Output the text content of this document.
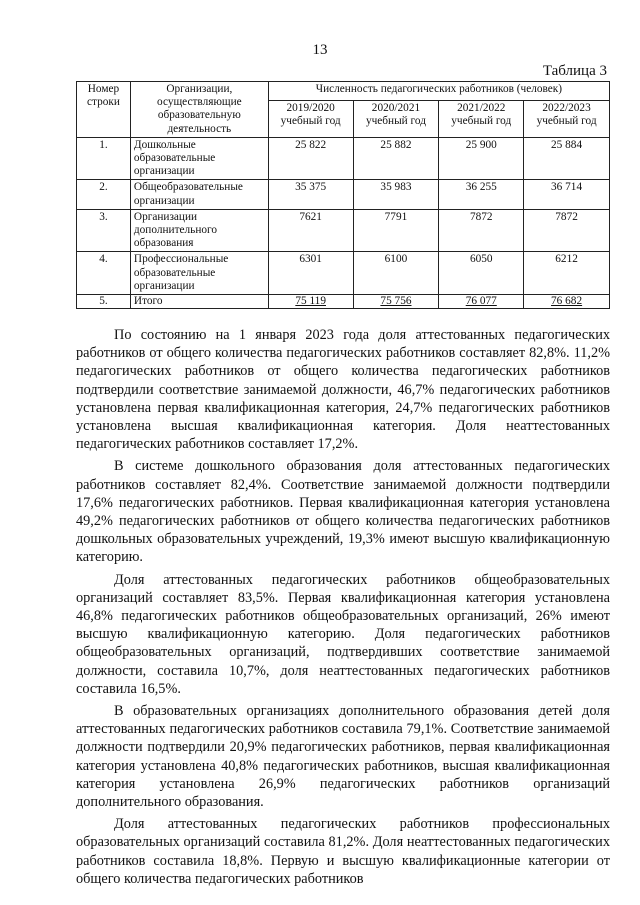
13
Таблица 3
Номер строки	Организации, осуществляющие образовательную деятельность	Численность педагогических работников (человек)			
		2019/2020 учебный год	2020/2021 учебный год	2021/2022 учебный год	2022/2023 учебный год
1.	Дошкольные образовательные организации	25 822	25 882	25 900	25 884
2.	Общеобразовательные организации	35 375	35 983	36 255	36 714
3.	Организации дополнительного образования	7621	7791	7872	7872
4.	Профессиональные образовательные организации	6301	6100	6050	6212
5.	Итого	75 119	75 756	76 077	76 682

По состоянию на 1 января 2023 года доля аттестованных педагогических работников от общего количества педагогических работников составляет 82,8%. 11,2% педагогических работников от общего количества педагогических работников подтвердили соответствие занимаемой должности, 46,7% педагогических работников установлена первая квалификационная категория, 24,7% педагогических работников установлена высшая квалификационная категория. Доля неаттестованных педагогических работников составляет 17,2%.

В системе дошкольного образования доля аттестованных педагогических работников составляет 82,4%. Соответствие занимаемой должности подтвердили 17,6% педагогических работников. Первая квалификационная категория установлена 49,2% педагогических работников от общего количества педагогических работников дошкольных образовательных учреждений, 19,3% имеют высшую квалификационную категорию.

Доля аттестованных педагогических работников общеобразовательных организаций составляет 83,5%. Первая квалификационная категория установлена 46,8% педагогических работников общеобразовательных организаций, 26% имеют высшую квалификационную категорию. Доля педагогических работников общеобразовательных организаций, подтвердивших соответствие занимаемой должности, составила 10,7%, доля неаттестованных педагогических работников составила 16,5%.

В образовательных организациях дополнительного образования детей доля аттестованных педагогических работников составила 79,1%. Соответствие занимаемой должности подтвердили 20,9% педагогических работников, первая квалификационная категория установлена 40,8% педагогических работников, высшая квалификационная категория установлена 26,9% педагогических работников организаций дополнительного образования.

Доля аттестованных педагогических работников профессиональных образовательных организаций составила 81,2%. Доля неаттестованных педагогических работников составила 18,8%. Первую и высшую квалификационные категории от общего количества педагогических работников
